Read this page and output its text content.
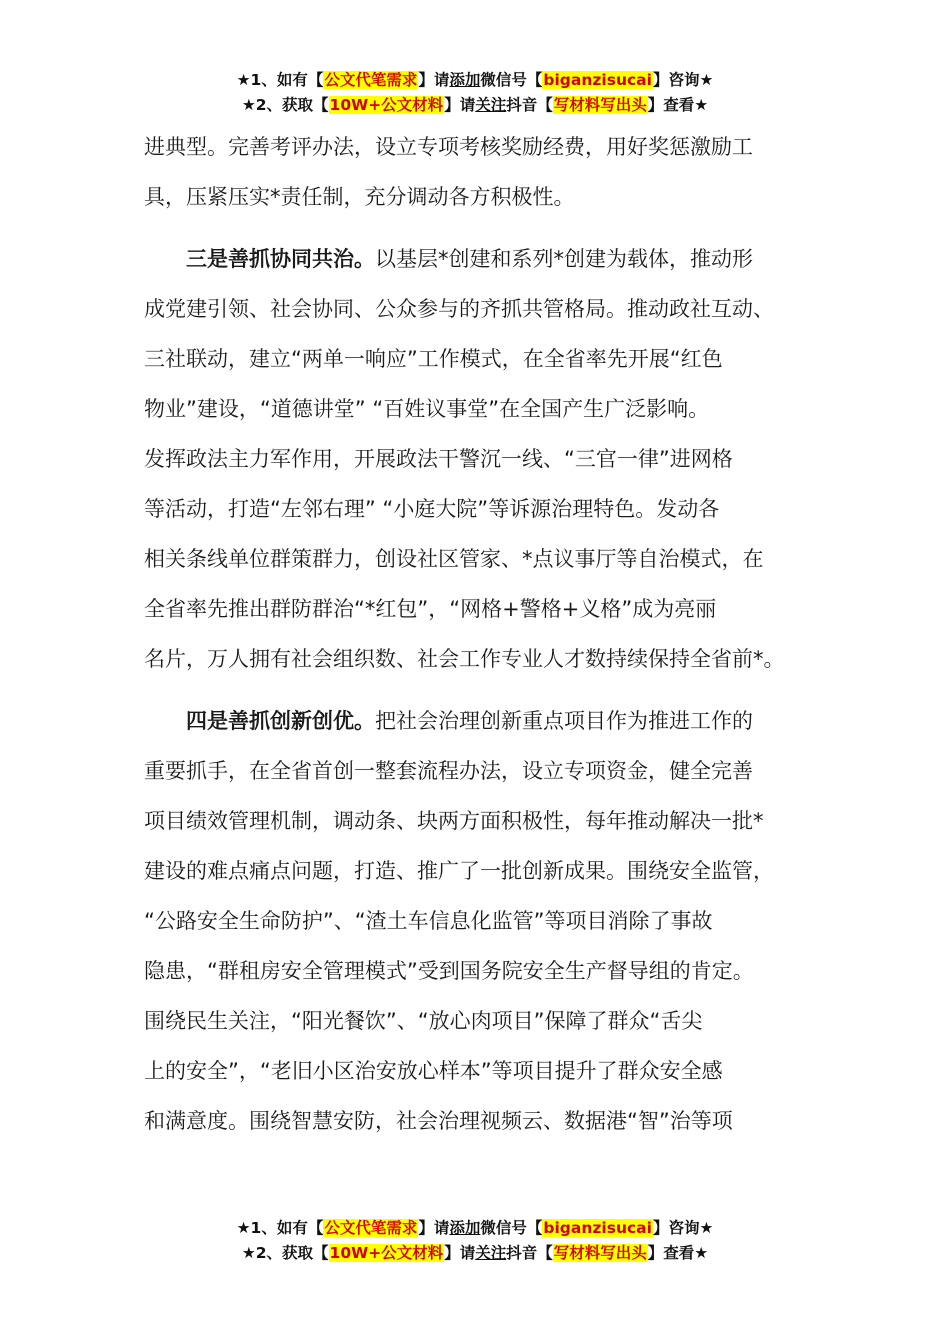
★1、如有【公文代笔需求】请添加微信号【biganzisucai】咨询★
★2、获取【10W+公文材料】请关注抖音【写材料写出头】查看★
进典型。完善考评办法，设立专项考核奖励经费，用好奖惩激励工
具，压紧压实*责任制，充分调动各方积极性。
三是善抓协同共治。以基层*创建和系列*创建为载体，推动形
成党建引领、社会协同、公众参与的齐抓共管格局。推动政社互动、
三社联动，建立“两单一响应”工作模式，在全省率先开展“红色
物业”建设，“道德讲堂” “百姓议事堂”在全国产生广泛影响。
发挥政法主力军作用，开展政法干警沉一线、“三官一律”进网格
等活动，打造“左邻右理” “小庭大院”等诉源治理特色。发动各
相关条线单位群策群力，创设社区管家、*点议事厅等自治模式，在
全省率先推出群防群治“*红包”，“网格+警格+义格”成为亮丽
名片，万人拥有社会组织数、社会工作专业人才数持续保持全省前*。
四是善抓创新创优。把社会治理创新重点项目作为推进工作的
重要抓手，在全省首创一整套流程办法，设立专项资金，健全完善
项目绩效管理机制，调动条、块两方面积极性，每年推动解决一批*
建设的难点痛点问题，打造、推广了一批创新成果。围绕安全监管，
“公路安全生命防护”、“渣土车信息化监管”等项目消除了事故
隐患，“群租房安全管理模式”受到国务院安全生产督导组的肯定。
围绕民生关注，“阳光餐饮”、“放心肉项目”保障了群众“舌尖
上的安全”，“老旧小区治安放心样本”等项目提升了群众安全感
和满意度。围绕智慧安防，社会治理视频云、数据港“智”治等项
★1、如有【公文代笔需求】请添加微信号【biganzisucai】咨询★
★2、获取【10W+公文材料】请关注抖音【写材料写出头】查看★
